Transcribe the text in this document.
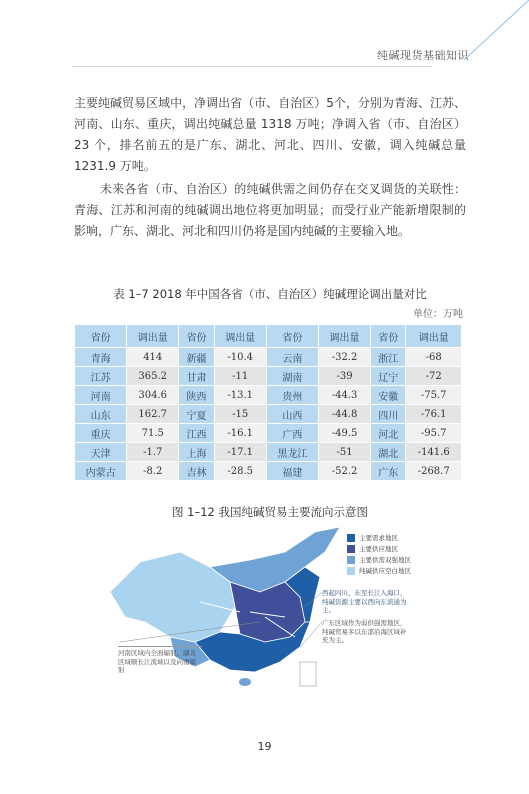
纯碱现货基础知识

主要纯碱贸易区域中，净调出省（市、自治区）5个，分别为青海、江苏、河南、山东、重庆，调出纯碱总量 1318 万吨；净调入省（市、自治区）23 个，排名前五的是广东、湖北、河北、四川、安徽，调入纯碱总量 1231.9 万吨。

未来各省（市、自治区）的纯碱供需之间仍存在交叉调货的关联性：青海、江苏和河南的纯碱调出地位将更加明显；而受行业产能新增限制的影响，广东、湖北、河北和四川仍将是国内纯碱的主要输入地。

表 1–7 2018 年中国各省（市、自治区）纯碱理论调出量对比
单位：万吨
省份	调出量	省份	调出量	省份	调出量	省份	调出量
青海	414	新疆	-10.4	云南	-32.2	浙江	-68
江苏	365.2	甘肃	-11	湖南	-39	辽宁	-72
河南	304.6	陕西	-13.1	贵州	-44.3	安徽	-75.7
山东	162.7	宁夏	-15	山西	-44.8	四川	-76.1
重庆	71.5	江西	-16.1	广西	-49.5	河北	-95.7
天津	-1.7	上海	-17.1	黑龙江	-51	湖北	-141.6
内蒙古	-8.2	吉林	-28.5	福建	-52.2	广东	-268.7
图 1–12 我国纯碱贸易主要流向示意图
主要需求地区
主要供应地区
主要供需双强地区
纯碱供应空白地区
西起四川，东至长江入海口，纯碱资源主要以西向东流通为主。
广东区域作为弱供强需地区，纯碱贸易多以东部沿海区域补充为主。
河南区域内全面辐射，湖北区域顺长江流域以及向南辐射
19
